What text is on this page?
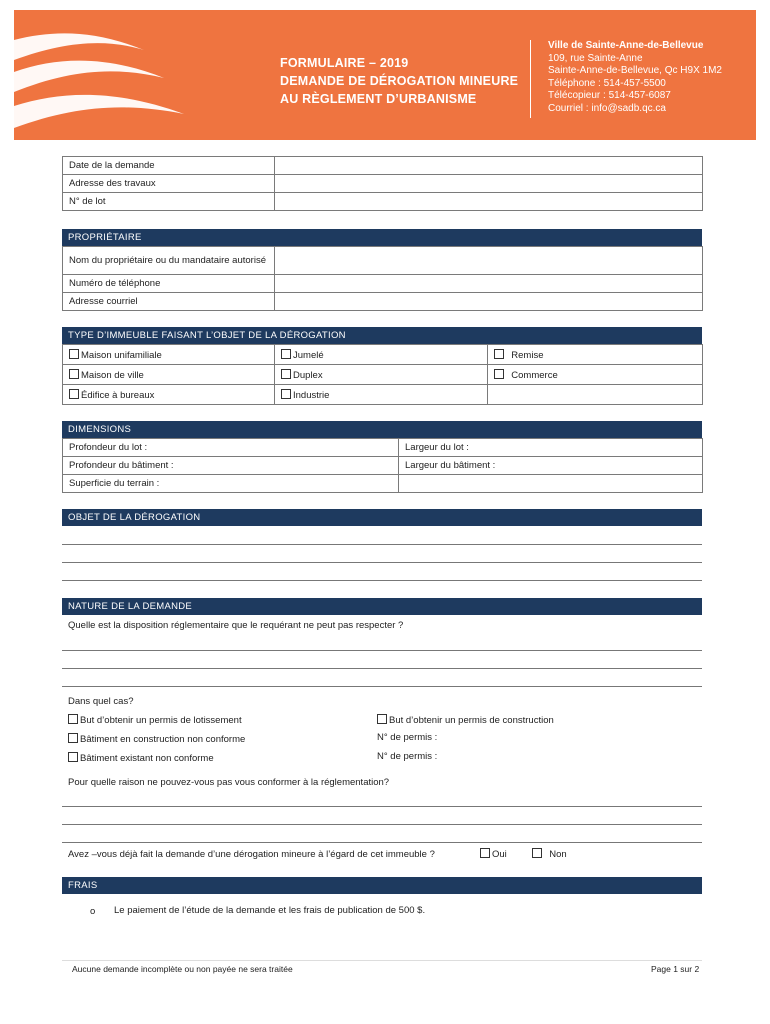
FORMULAIRE – 2019
DEMANDE DE DÉROGATION MINEURE
AU RÈGLEMENT D’URBANISME
Ville de Sainte-Anne-de-Bellevue
109, rue Sainte-Anne
Sainte-Anne-de-Bellevue, Qc H9X 1M2
Téléphone : 514-457-5500
Télécopieur : 514-457-6087
Courriel : info@sadb.qc.ca
Date de la demande	
Adresse des travaux	
N° de lot	
PROPRIÉTAIRE
Nom du propriétaire ou du mandataire autorisé	
Numéro de téléphone	
Adresse courriel	
TYPE D’IMMEUBLE FAISANT L’OBJET DE LA DÉROGATION
Maison unifamiliale	Jumelé	Remise
Maison de ville	Duplex	Commerce
Édifice à bureaux	Industrie	
DIMENSIONS
Profondeur du lot :	Largeur du lot :
Profondeur du bâtiment :	Largeur du bâtiment :
Superficie du terrain :	
OBJET DE LA DÉROGATION
NATURE DE LA DEMANDE
Quelle est la disposition réglementaire que le requérant ne peut pas respecter ?
Dans quel cas?
But d’obtenir un permis de lotissement	But d’obtenir un permis de construction
Bâtiment en construction non conforme	N° de permis :
Bâtiment existant non conforme	N° de permis :
Pour quelle raison ne pouvez-vous pas vous conformer à la réglementation?
Avez –vous déjà fait la demande d’une dérogation mineure à l’égard de cet immeuble ?	Oui	Non
FRAIS
o Le paiement de l’étude de la demande et les frais de publication de 500 $.
Aucune demande incomplète ou non payée ne sera traitée	Page 1 sur 2
